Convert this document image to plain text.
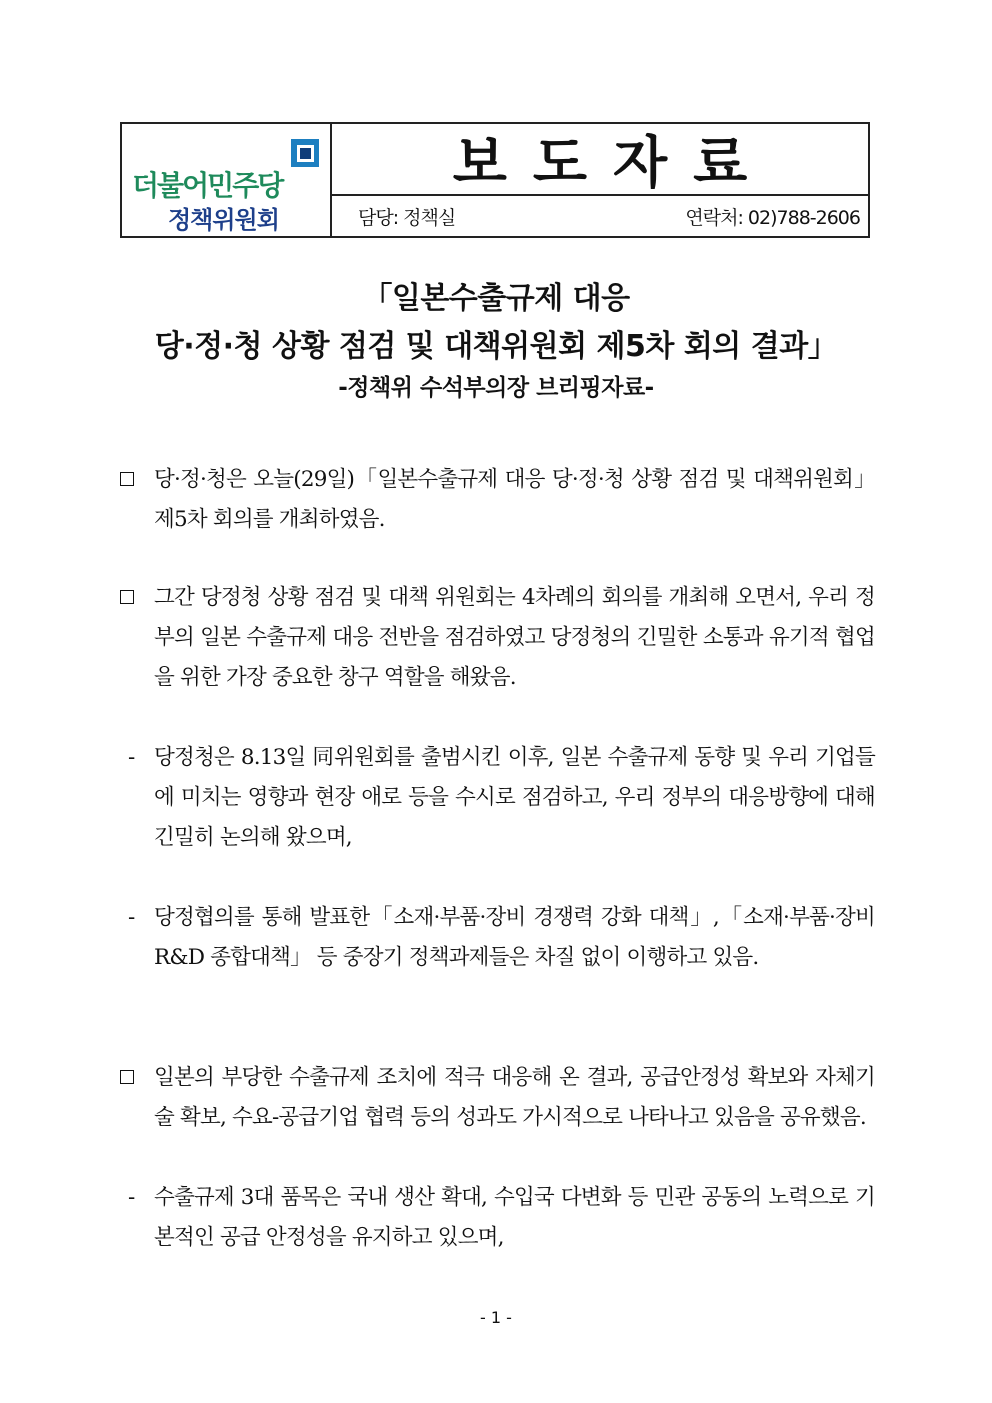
더불어민주당
정책위원회
보도자료
담당: 정책실	연락처: 02)788-2606
「일본수출규제 대응
당·정·청 상황 점검 및 대책위원회 제5차 회의 결과」
-정책위 수석부의장 브리핑자료-
당·정·청은 오늘(29일)「일본수출규제 대응 당·정·청 상황 점검 및 대책위원회」제5차 회의를 개최하였음.
그간 당정청 상황 점검 및 대책 위원회는 4차례의 회의를 개최해 오면서, 우리 정부의 일본 수출규제 대응 전반을 점검하였고 당정청의 긴밀한 소통과 유기적 협업을 위한 가장 중요한 창구 역할을 해왔음.
- 당정청은 8.13일 同위원회를 출범시킨 이후, 일본 수출규제 동향 및 우리 기업들에 미치는 영향과 현장 애로 등을 수시로 점검하고, 우리 정부의 대응방향에 대해 긴밀히 논의해 왔으며,
- 당정협의를 통해 발표한「소재·부품·장비 경쟁력 강화 대책」,「소재·부품·장비 R&D 종합대책」 등 중장기 정책과제들은 차질 없이 이행하고 있음.
일본의 부당한 수출규제 조치에 적극 대응해 온 결과, 공급안정성 확보와 자체기술 확보, 수요-공급기업 협력 등의 성과도 가시적으로 나타나고 있음을 공유했음.
- 수출규제 3대 품목은 국내 생산 확대, 수입국 다변화 등 민관 공동의 노력으로 기본적인 공급 안정성을 유지하고 있으며,
- 1 -
